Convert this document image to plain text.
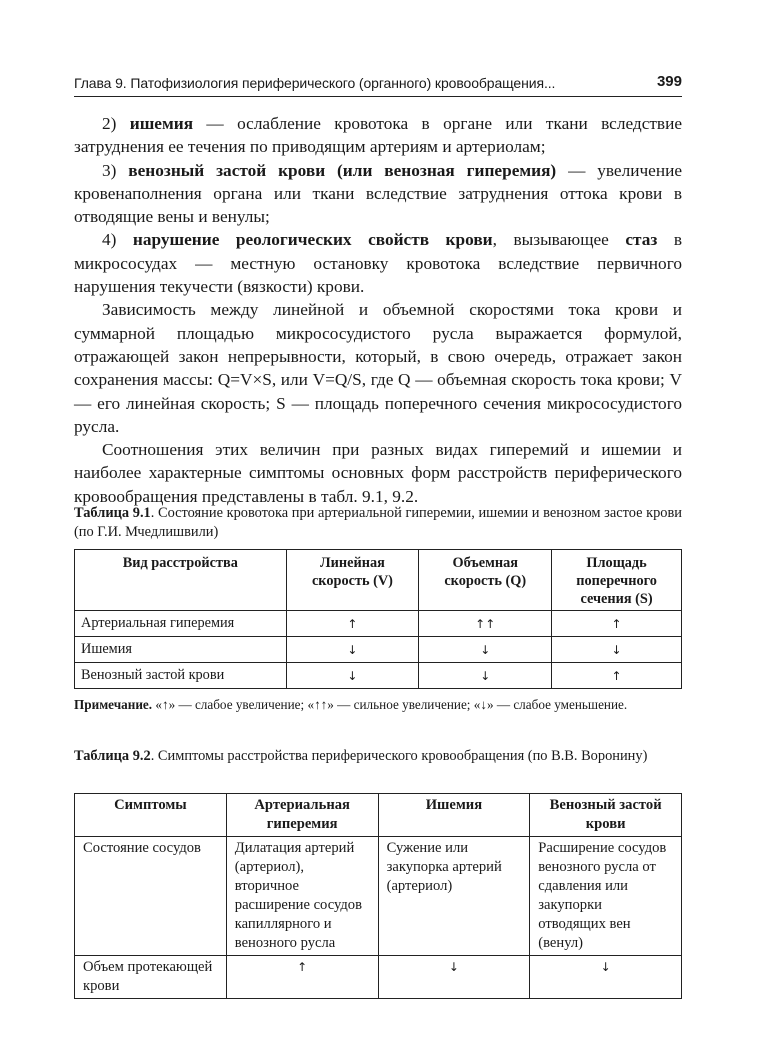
Глава 9. Патофизиология периферического (органного) кровообращения...	399

2) ишемия — ослабление кровотока в органе или ткани вследствие затруднения ее течения по приводящим артериям и артериолам;

3) венозный застой крови (или венозная гиперемия) — увеличение кровенаполнения органа или ткани вследствие затруднения оттока крови в отводящие вены и венулы;

4) нарушение реологических свойств крови, вызывающее стаз в микрососудах — местную остановку кровотока вследствие первичного нарушения текучести (вязкости) крови.

Зависимость между линейной и объемной скоростями тока крови и суммарной площадью микрососудистого русла выражается формулой, отражающей закон непрерывности, который, в свою очередь, отражает закон сохранения массы: Q=V×S, или V=Q/S, где Q — объемная скорость тока крови; V — его линейная скорость; S — площадь поперечного сечения микрососудистого русла.

Соотношения этих величин при разных видах гиперемий и ишемии и наиболее характерные симптомы основных форм расстройств периферического кровообращения представлены в табл. 9.1, 9.2.

Таблица 9.1. Состояние кровотока при артериальной гиперемии, ишемии и венозном застое крови (по Г.И. Мчедлишвили)
Вид расстройства	Линейная скорость (V)	Объемная скорость (Q)	Площадь поперечного сечения (S)
Артериальная гиперемия	↑	↑↑	↑
Ишемия	↓	↓	↓
Венозный застой крови	↓	↓	↑
Примечание. «↑» — слабое увеличение; «↑↑» — сильное увеличение; «↓» — слабое уменьшение.
Таблица 9.2. Симптомы расстройства периферического кровообращения (по В.В. Воронину)
Симптомы	Артериальная гиперемия	Ишемия	Венозный застой крови
Состояние сосудов	Дилатация артерий (артериол), вторичное расширение сосудов капиллярного и венозного русла	Сужение или закупорка артерий (артериол)	Расширение сосудов венозного русла от сдавления или закупорки отводящих вен (венул)
Объем протекающей крови	↑	↓	↓
